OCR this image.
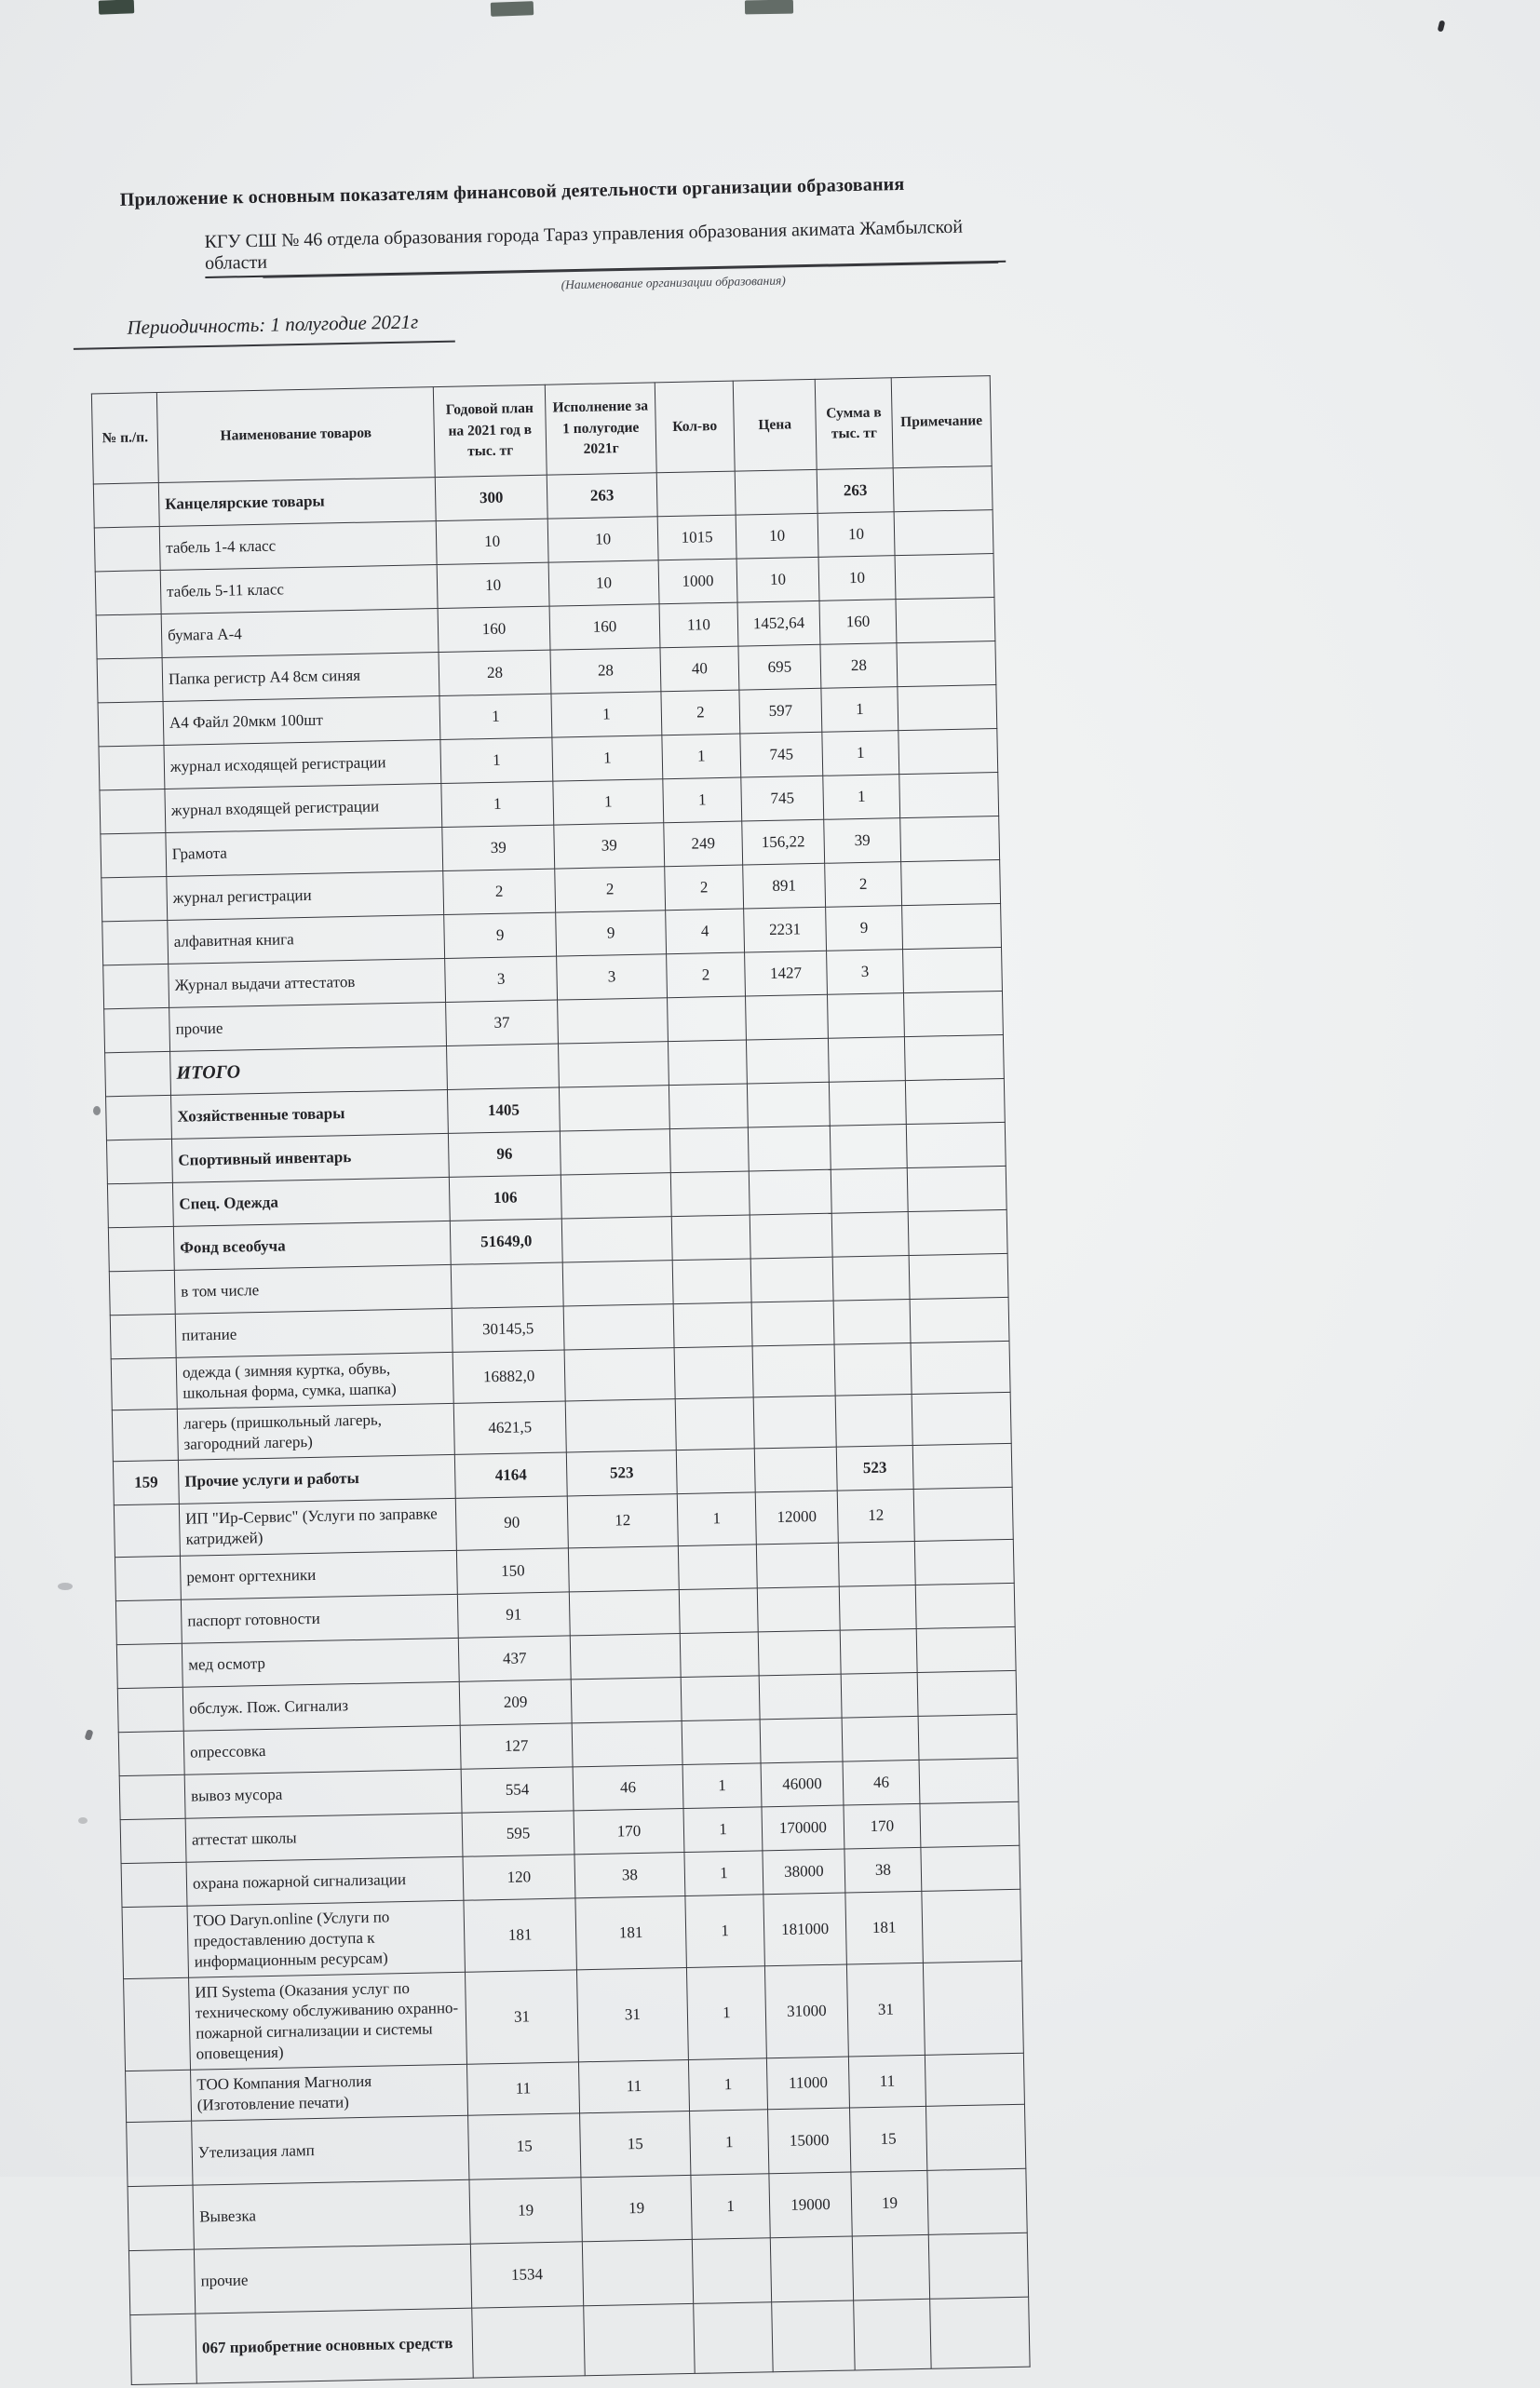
Приложение к основным показателям финансовой деятельности организации образования
КГУ СШ № 46 отдела образования города Тараз управления образования акимата Жамбылской области
(Наименование организации образования)
Периодичность: 1 полугодие 2021г
№ п./п.	Наименование товаров	Годовой план на 2021 год в тыс. тг	Исполнение за 1 полугодие 2021г	Кол-во	Цена	Сумма в тыс. тг	Примечание
	Канцелярские товары	300	263			263	
	табель 1-4 класс	10	10	1015	10	10	
	табель 5-11 класс	10	10	1000	10	10	
	бумага А-4	160	160	110	1452,64	160	
	Папка регистр А4 8см синяя	28	28	40	695	28	
	А4 Файл 20мкм 100шт	1	1	2	597	1	
	журнал исходящей регистрации	1	1	1	745	1	
	журнал входящей регистрации	1	1	1	745	1	
	Грамота	39	39	249	156,22	39	
	журнал регистрации	2	2	2	891	2	
	алфавитная книга	9	9	4	2231	9	
	Журнал выдачи аттестатов	3	3	2	1427	3	
	прочие	37					
	ИТОГО						
	Хозяйственные товары	1405					
	Спортивный инвентарь	96					
	Спец. Одежда	106					
	Фонд всеобуча	51649,0					
	в том числе						
	питание	30145,5					
	одежда ( зимняя куртка, обувь, школьная форма, сумка, шапка)	16882,0					
	лагерь (пришкольный лагерь, загородний лагерь)	4621,5					
159	Прочие услуги и работы	4164	523			523	
	ИП "Ир-Сервис" (Услуги по заправке катриджей)	90	12	1	12000	12	
	ремонт оргтехники	150					
	паспорт готовности	91					
	мед осмотр	437					
	обслуж. Пож. Сигнализ	209					
	опрессовка	127					
	вывоз мусора	554	46	1	46000	46	
	аттестат школы	595	170	1	170000	170	
	охрана пожарной сигнализации	120	38	1	38000	38	
	ТОО Daryn.online (Услуги по предоставлению доступа к информационным ресурсам)	181	181	1	181000	181	
	ИП Systema (Оказания услуг по техническому обслуживанию охранно-пожарной сигнализации и системы оповещения)	31	31	1	31000	31	
	ТОО Компания Магнолия (Изготовление печати)	11	11	1	11000	11	
	Утелизация ламп	15	15	1	15000	15	
	Вывезка	19	19	1	19000	19	
	прочие	1534					
	067 приобретние основных средств						
